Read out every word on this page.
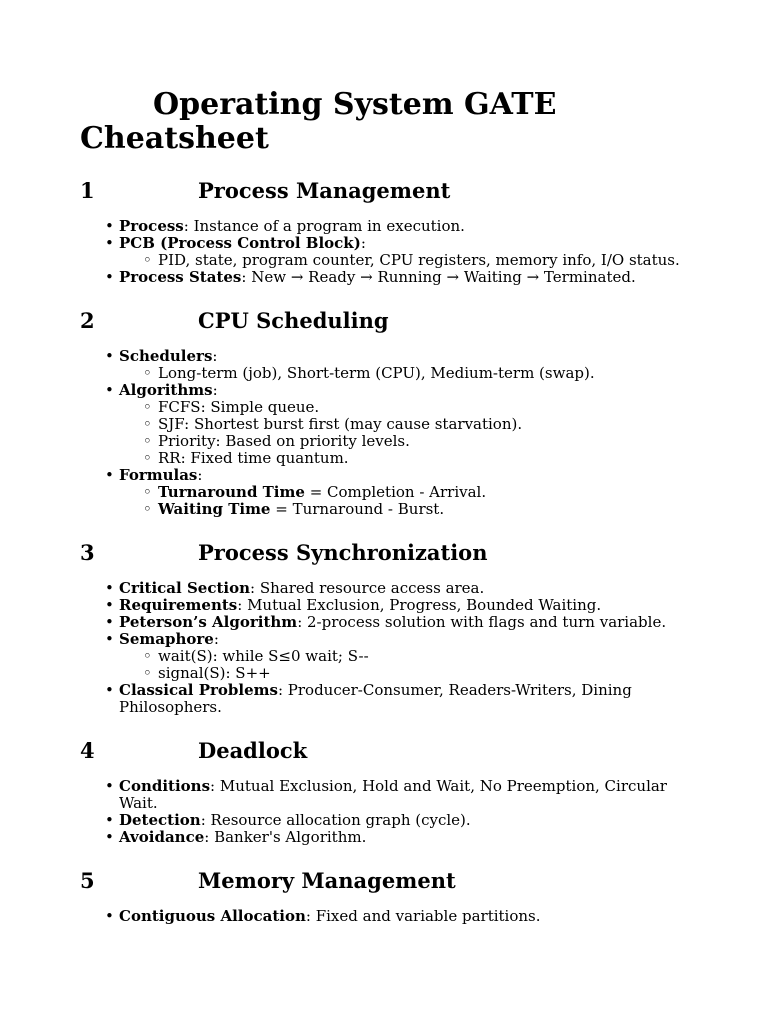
Operating System GATE Cheatsheet
1	Process Management
• Process: Instance of a program in execution.
• PCB (Process Control Block):
◦ PID, state, program counter, CPU registers, memory info, I/O status.
• Process States: New → Ready → Running → Waiting → Terminated.
2	CPU Scheduling
• Schedulers:
◦ Long-term (job), Short-term (CPU), Medium-term (swap).
• Algorithms:
◦ FCFS: Simple queue.
◦ SJF: Shortest burst first (may cause starvation).
◦ Priority: Based on priority levels.
◦ RR: Fixed time quantum.
• Formulas:
◦ Turnaround Time = Completion - Arrival.
◦ Waiting Time = Turnaround - Burst.
3	Process Synchronization
• Critical Section: Shared resource access area.
• Requirements: Mutual Exclusion, Progress, Bounded Waiting.
• Peterson’s Algorithm: 2-process solution with flags and turn variable.
• Semaphore:
◦ wait(S): while S≤0 wait; S--
◦ signal(S): S++
• Classical Problems: Producer-Consumer, Readers-Writers, Dining Philosophers.
4	Deadlock
• Conditions: Mutual Exclusion, Hold and Wait, No Preemption, Circular Wait.
• Detection: Resource allocation graph (cycle).
• Avoidance: Banker's Algorithm.
5	Memory Management
• Contiguous Allocation: Fixed and variable partitions.
